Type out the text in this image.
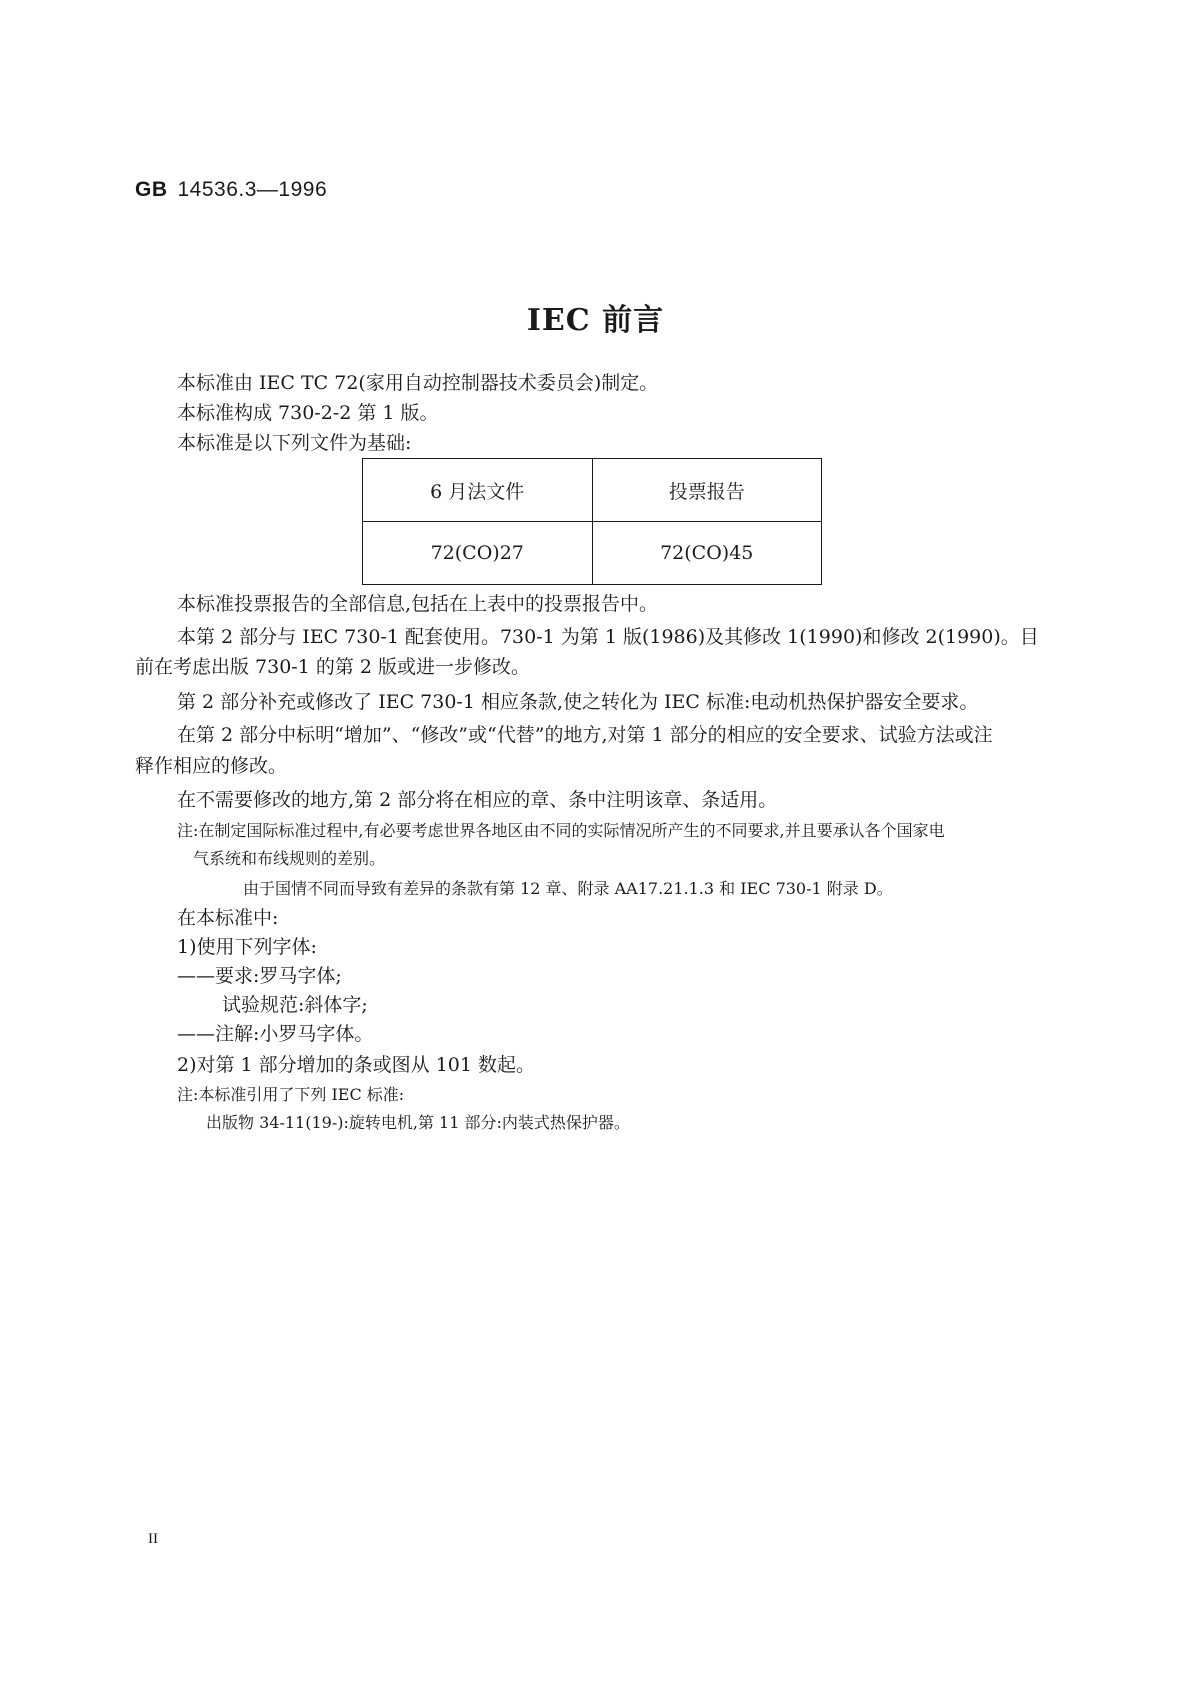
GB 14536.3—1996
IEC 前言
本标准由 IEC TC 72(家用自动控制器技术委员会)制定。
本标准构成 730-2-2 第 1 版。
本标准是以下列文件为基础:
6 月法文件	投票报告
72(CO)27	72(CO)45
本标准投票报告的全部信息,包括在上表中的投票报告中。
本第 2 部分与 IEC 730-1 配套使用。730-1 为第 1 版(1986)及其修改 1(1990)和修改 2(1990)。目
前在考虑出版 730-1 的第 2 版或进一步修改。
第 2 部分补充或修改了 IEC 730-1 相应条款,使之转化为 IEC 标准:电动机热保护器安全要求。
在第 2 部分中标明“增加”、“修改”或“代替”的地方,对第 1 部分的相应的安全要求、试验方法或注
释作相应的修改。
在不需要修改的地方,第 2 部分将在相应的章、条中注明该章、条适用。
注:在制定国际标准过程中,有必要考虑世界各地区由不同的实际情况所产生的不同要求,并且要承认各个国家电
气系统和布线规则的差别。
由于国情不同而导致有差异的条款有第 12 章、附录 AA17.21.1.3 和 IEC 730-1 附录 D。
在本标准中:
1)使用下列字体:
——要求:罗马字体;
试验规范:斜体字;
——注解:小罗马字体。
2)对第 1 部分增加的条或图从 101 数起。
注:本标准引用了下列 IEC 标准:
出版物 34-11(19-):旋转电机,第 11 部分:内装式热保护器。
II
